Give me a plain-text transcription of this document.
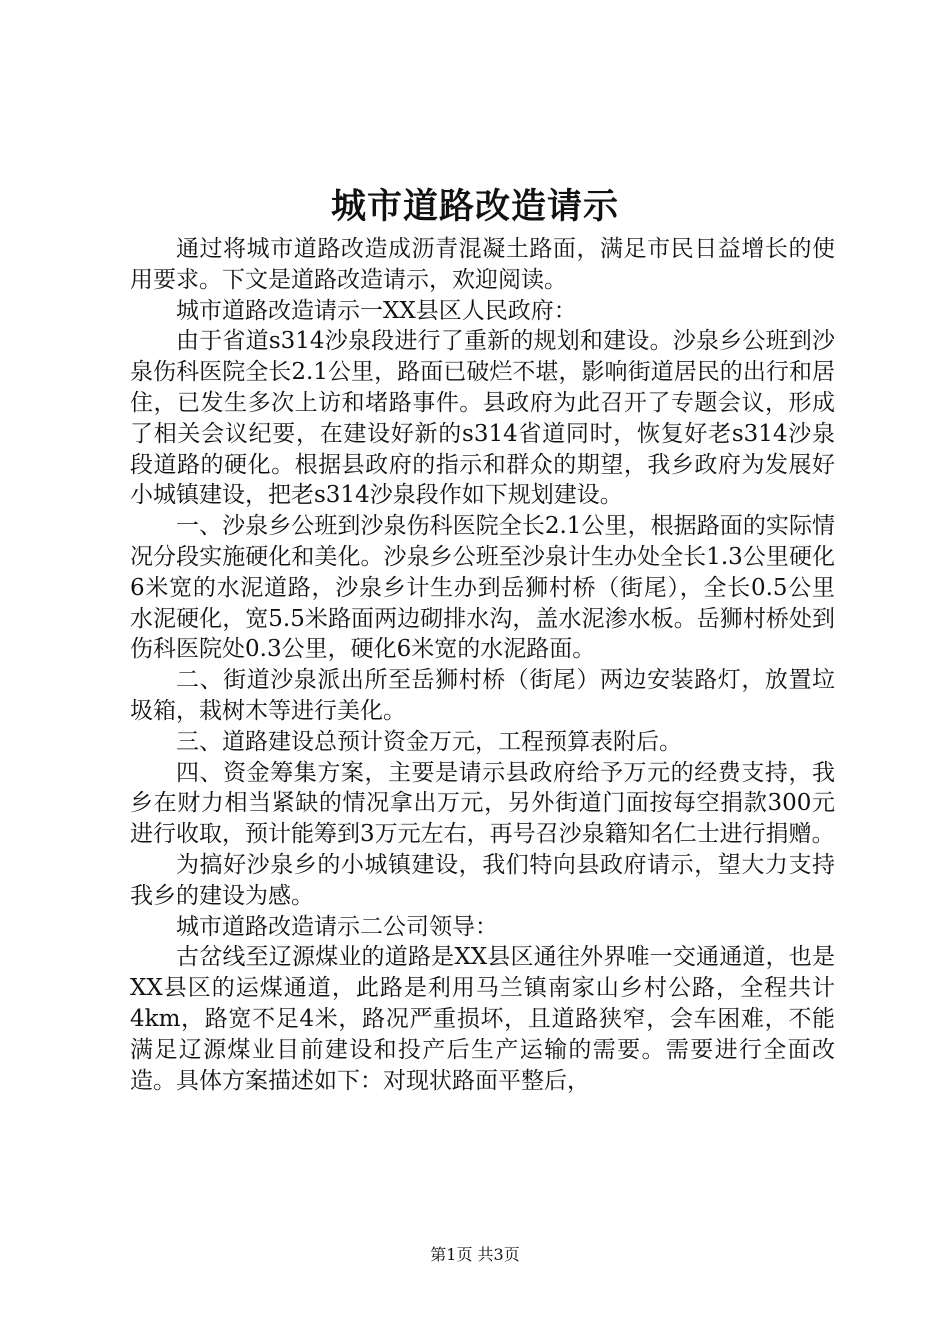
城市道路改造请示

通过将城市道路改造成沥青混凝土路面，满足市民日益增长的使用要求。下文是道路改造请示，欢迎阅读。

城市道路改造请示一XX县区人民政府：

由于省道s314沙泉段进行了重新的规划和建设。沙泉乡公班到沙泉伤科医院全长2.1公里，路面已破烂不堪，影响街道居民的出行和居住，已发生多次上访和堵路事件。县政府为此召开了专题会议，形成了相关会议纪要，在建设好新的s314省道同时，恢复好老s314沙泉段道路的硬化。根据县政府的指示和群众的期望，我乡政府为发展好小城镇建设，把老s314沙泉段作如下规划建设。

一、沙泉乡公班到沙泉伤科医院全长2.1公里，根据路面的实际情况分段实施硬化和美化。沙泉乡公班至沙泉计生办处全长1.3公里硬化6米宽的水泥道路，沙泉乡计生办到岳狮村桥（街尾），全长0.5公里水泥硬化，宽5.5米路面两边砌排水沟，盖水泥渗水板。岳狮村桥处到伤科医院处0.3公里，硬化6米宽的水泥路面。

二、街道沙泉派出所至岳狮村桥（街尾）两边安装路灯，放置垃圾箱，栽树木等进行美化。

三、道路建设总预计资金万元，工程预算表附后。

四、资金筹集方案，主要是请示县政府给予万元的经费支持，我乡在财力相当紧缺的情况拿出万元，另外街道门面按每空捐款300元进行收取，预计能筹到3万元左右，再号召沙泉籍知名仁士进行捐赠。

为搞好沙泉乡的小城镇建设，我们特向县政府请示，望大力支持我乡的建设为感。

城市道路改造请示二公司领导：

古岔线至辽源煤业的道路是XX县区通往外界唯一交通通道，也是XX县区的运煤通道，此路是利用马兰镇南家山乡村公路，全程共计4km，路宽不足4米，路况严重损坏，且道路狭窄，会车困难，不能满足辽源煤业目前建设和投产后生产运输的需要。需要进行全面改造。具体方案描述如下：对现状路面平整后，

第1页 共3页
